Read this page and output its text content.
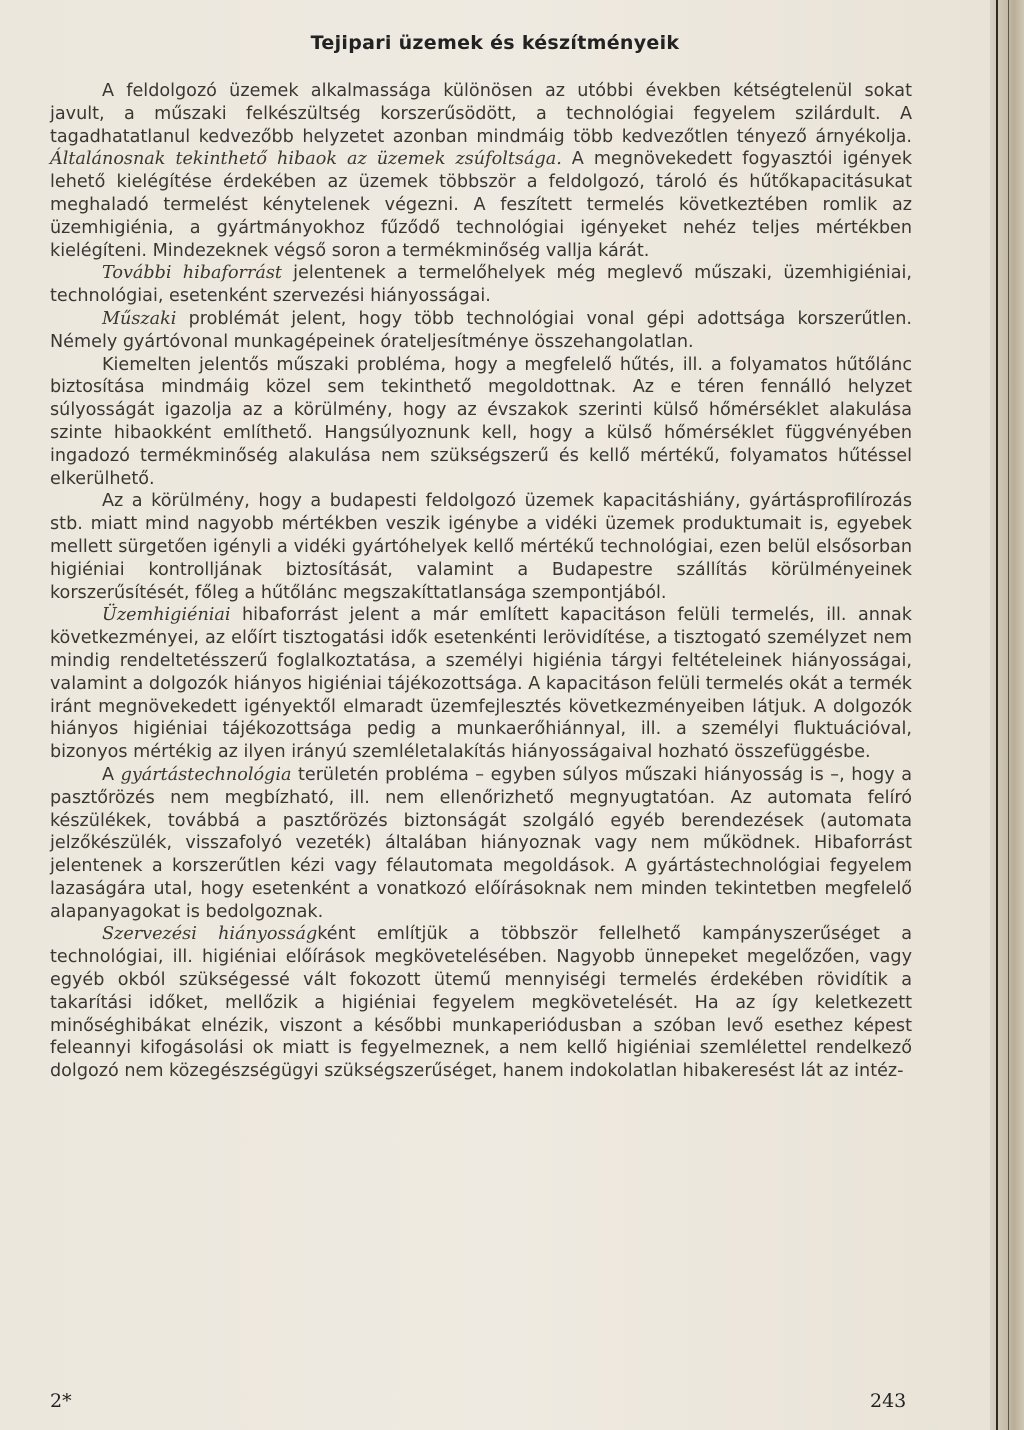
Tejipari üzemek és készítményeik

A feldolgozó üzemek alkalmassága különösen az utóbbi években kétségtelenül sokat javult, a műszaki felkészültség korszerűsödött, a technológiai fegyelem szilárdult. A tagadhatatlanul kedvezőbb helyzetet azonban mindmáig több kedvezőtlen tényező árnyékolja. Általánosnak tekinthető hibaok az üzemek zsúfoltsága. A megnövekedett fogyasztói igények lehető kielégítése érdekében az üzemek többször a feldolgozó, tároló és hűtőkapacitásukat meghaladó termelést kénytelenek végezni. A feszített termelés következtében romlik az üzemhigiénia, a gyártmányokhoz fűződő technológiai igényeket nehéz teljes mértékben kielégíteni. Mindezeknek végső soron a termékminőség vallja kárát.

További hibaforrást jelentenek a termelőhelyek még meglevő műszaki, üzemhigiéniai, technológiai, esetenként szervezési hiányosságai.

Műszaki problémát jelent, hogy több technológiai vonal gépi adottsága korszerűtlen. Némely gyártóvonal munkagépeinek órateljesítménye összehangolatlan.

Kiemelten jelentős műszaki probléma, hogy a megfelelő hűtés, ill. a folyamatos hűtőlánc biztosítása mindmáig közel sem tekinthető megoldottnak. Az e téren fennálló helyzet súlyosságát igazolja az a körülmény, hogy az évszakok szerinti külső hőmérséklet alakulása szinte hibaokként említhető. Hangsúlyoznunk kell, hogy a külső hőmérséklet függvényében ingadozó termékminőség alakulása nem szükségszerű és kellő mértékű, folyamatos hűtéssel elkerülhető.

Az a körülmény, hogy a budapesti feldolgozó üzemek kapacitáshiány, gyártásprofilírozás stb. miatt mind nagyobb mértékben veszik igénybe a vidéki üzemek produktumait is, egyebek mellett sürgetően igényli a vidéki gyártóhelyek kellő mértékű technológiai, ezen belül elsősorban higiéniai kontrolljának biztosítását, valamint a Budapestre szállítás körülményeinek korszerűsítését, főleg a hűtőlánc megszakíttatlansága szempontjából.

Üzemhigiéniai hibaforrást jelent a már említett kapacitáson felüli termelés, ill. annak következményei, az előírt tisztogatási idők esetenkénti lerövidítése, a tisztogató személyzet nem mindig rendeltetésszerű foglalkoztatása, a személyi higiénia tárgyi feltételeinek hiányosságai, valamint a dolgozók hiányos higiéniai tájékozottsága. A kapacitáson felüli termelés okát a termék iránt megnövekedett igényektől elmaradt üzemfejlesztés következményeiben látjuk. A dolgozók hiányos higiéniai tájékozottsága pedig a munkaerőhiánnyal, ill. a személyi fluktuációval, bizonyos mértékig az ilyen irányú szemléletalakítás hiányosságaival hozható összefüggésbe.

A gyártástechnológia területén probléma – egyben súlyos műszaki hiányosság is –, hogy a pasztőrözés nem megbízható, ill. nem ellenőrizhető megnyugtatóan. Az automata felíró készülékek, továbbá a pasztőrözés biztonságát szolgáló egyéb berendezések (automata jelzőkészülék, visszafolyó vezeték) általában hiányoznak vagy nem működnek. Hibaforrást jelentenek a korszerűtlen kézi vagy félautomata megoldások. A gyártástechnológiai fegyelem lazaságára utal, hogy esetenként a vonatkozó előírásoknak nem minden tekintetben megfelelő alapanyagokat is bedolgoznak.

Szervezési hiányosságként említjük a többször fellelhető kampányszerűséget a technológiai, ill. higiéniai előírások megkövetelésében. Nagyobb ünnepeket megelőzően, vagy egyéb okból szükségessé vált fokozott ütemű mennyiségi termelés érdekében rövidítik a takarítási időket, mellőzik a higiéniai fegyelem megkövetelését. Ha az így keletkezett minőséghibákat elnézik, viszont a későbbi munkaperiódusban a szóban levő esethez képest feleannyi kifogásolási ok miatt is fegyelmeznek, a nem kellő higiéniai szemlélettel rendelkező dolgozó nem közegészségügyi szükségszerűséget, hanem indokolatlan hibakeresést lát az intéz-

2*	243
